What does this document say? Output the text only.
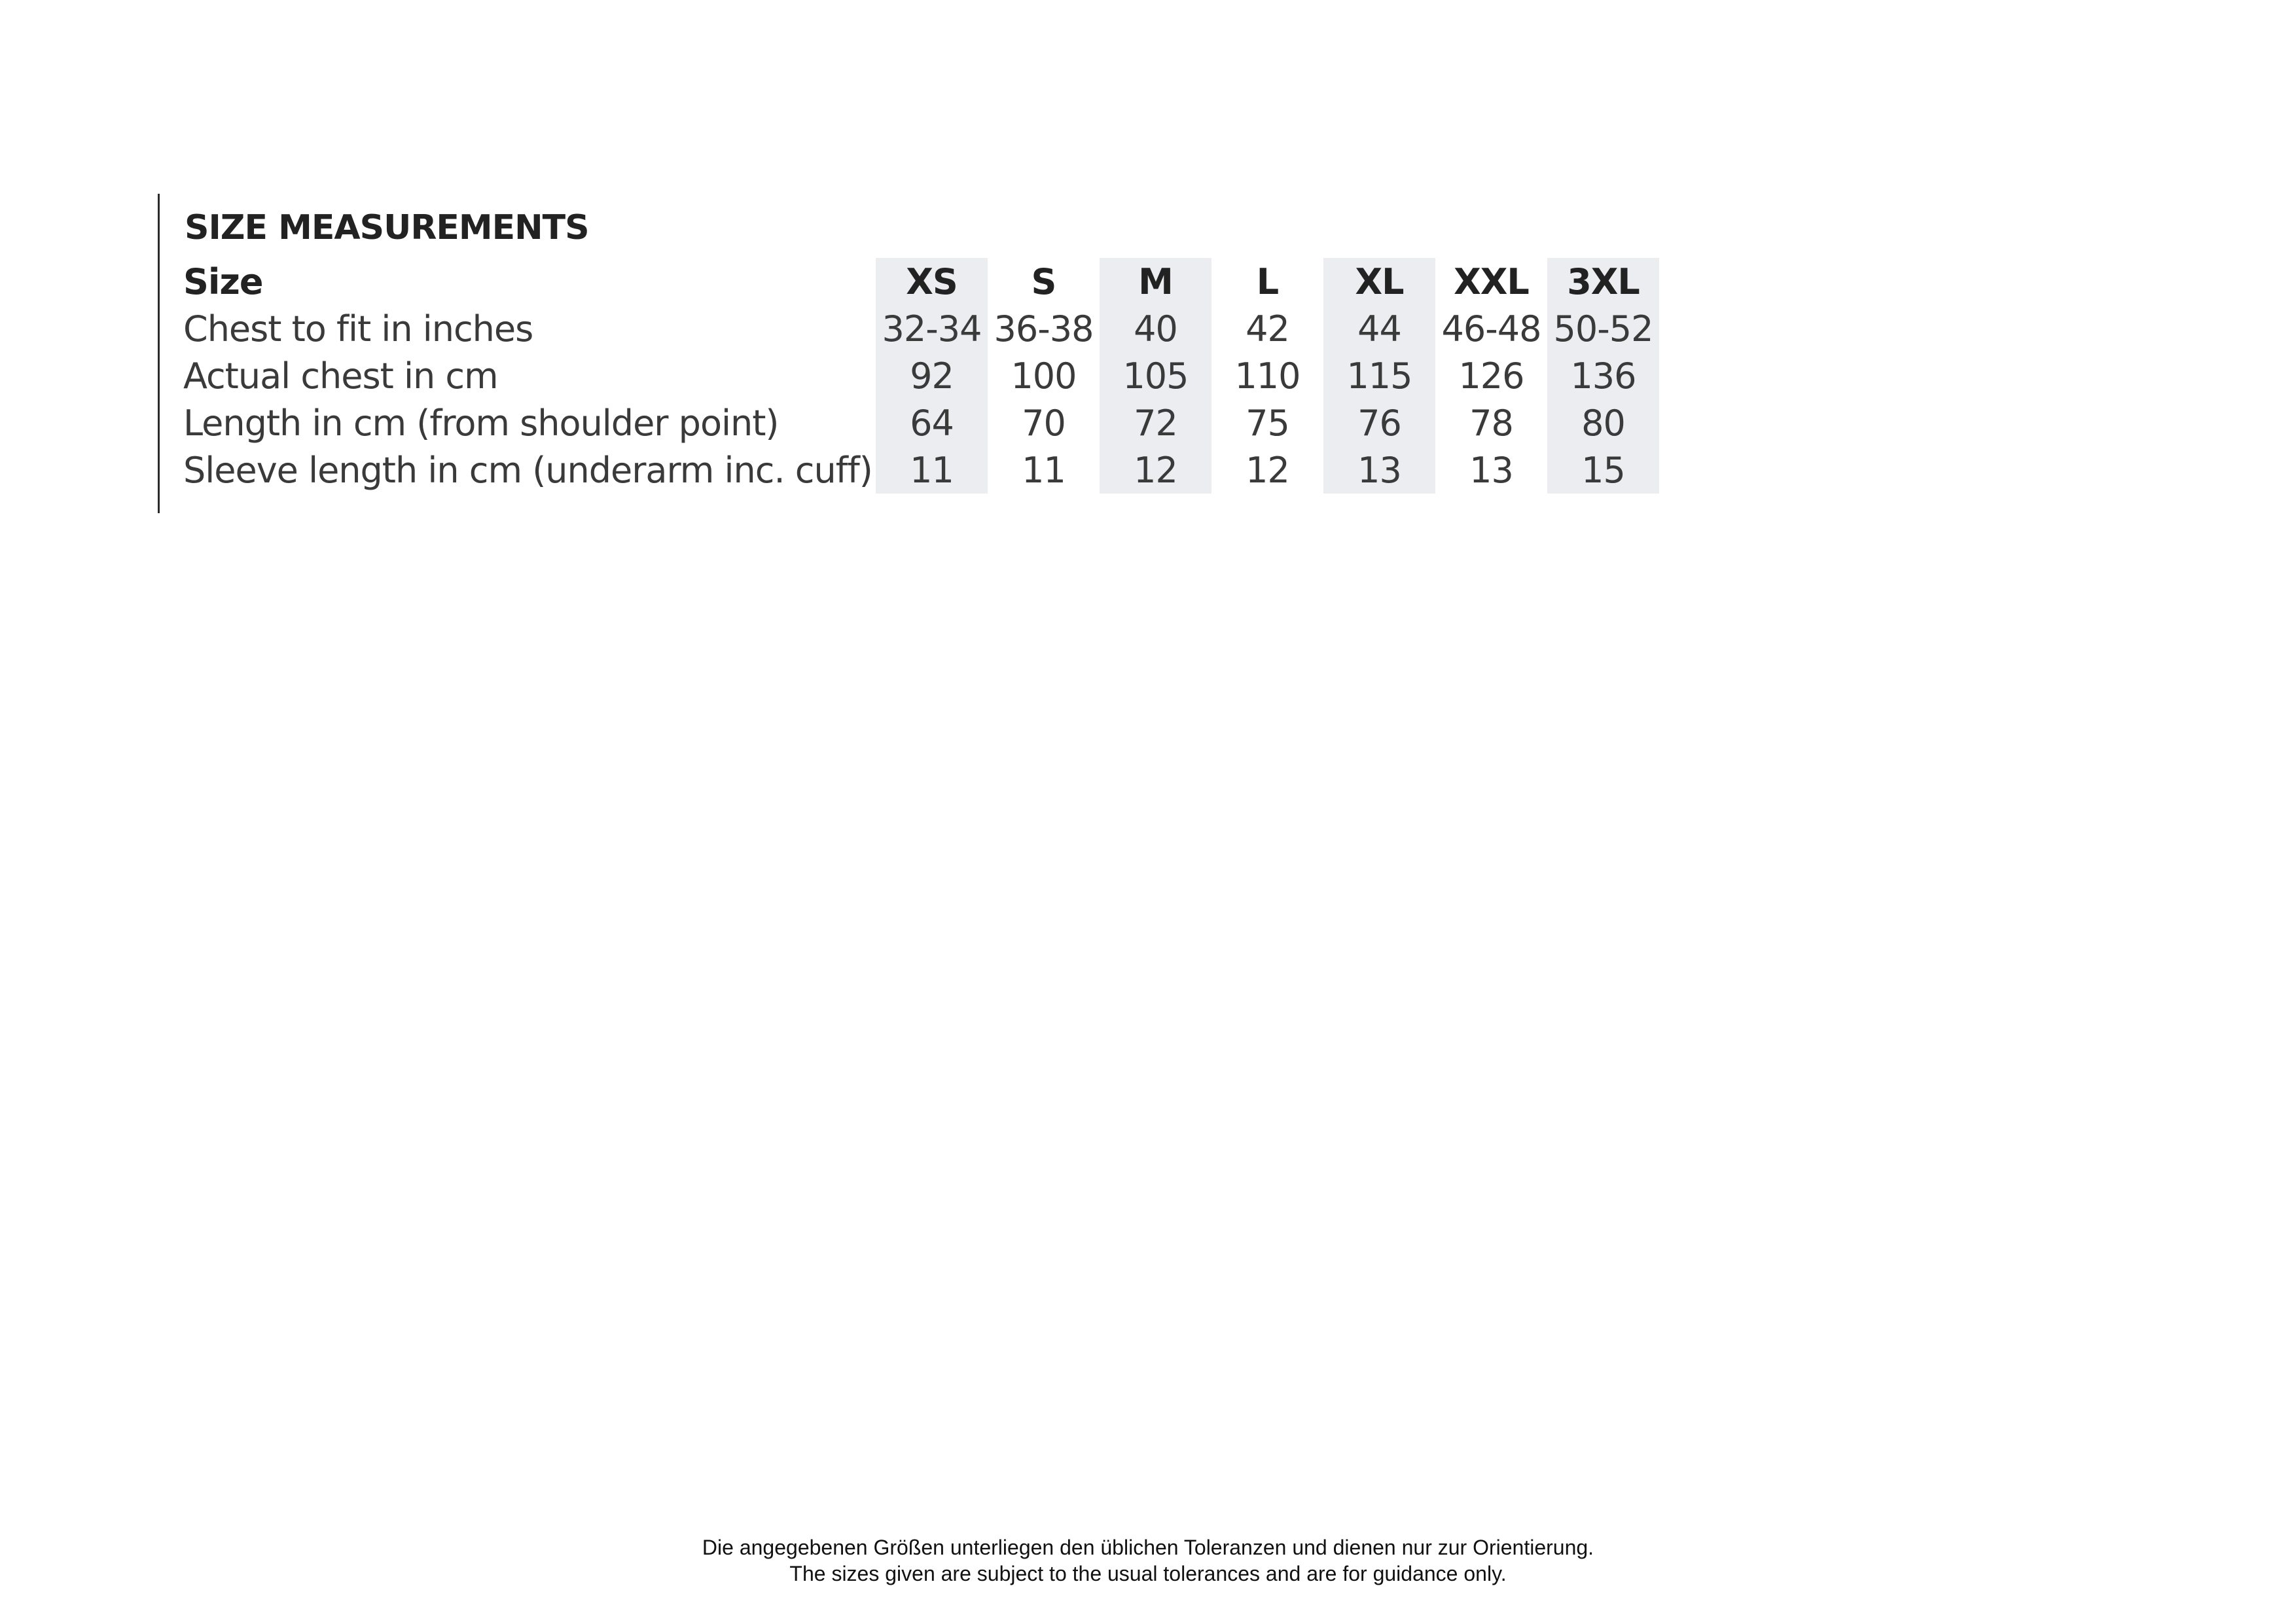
SIZE MEASUREMENTS
Size	XS	S	M	L	XL	XXL	3XL
Chest to fit in inches	32-34	36-38	40	42	44	46-48	50-52
Actual chest in cm	92	100	105	110	115	126	136
Length in cm (from shoulder point)	64	70	72	75	76	78	80
Sleeve length in cm (underarm inc. cuff)	11	11	12	12	13	13	15
Die angegebenen Größen unterliegen den üblichen Toleranzen und dienen nur zur Orientierung.
The sizes given are subject to the usual tolerances and are for guidance only.
